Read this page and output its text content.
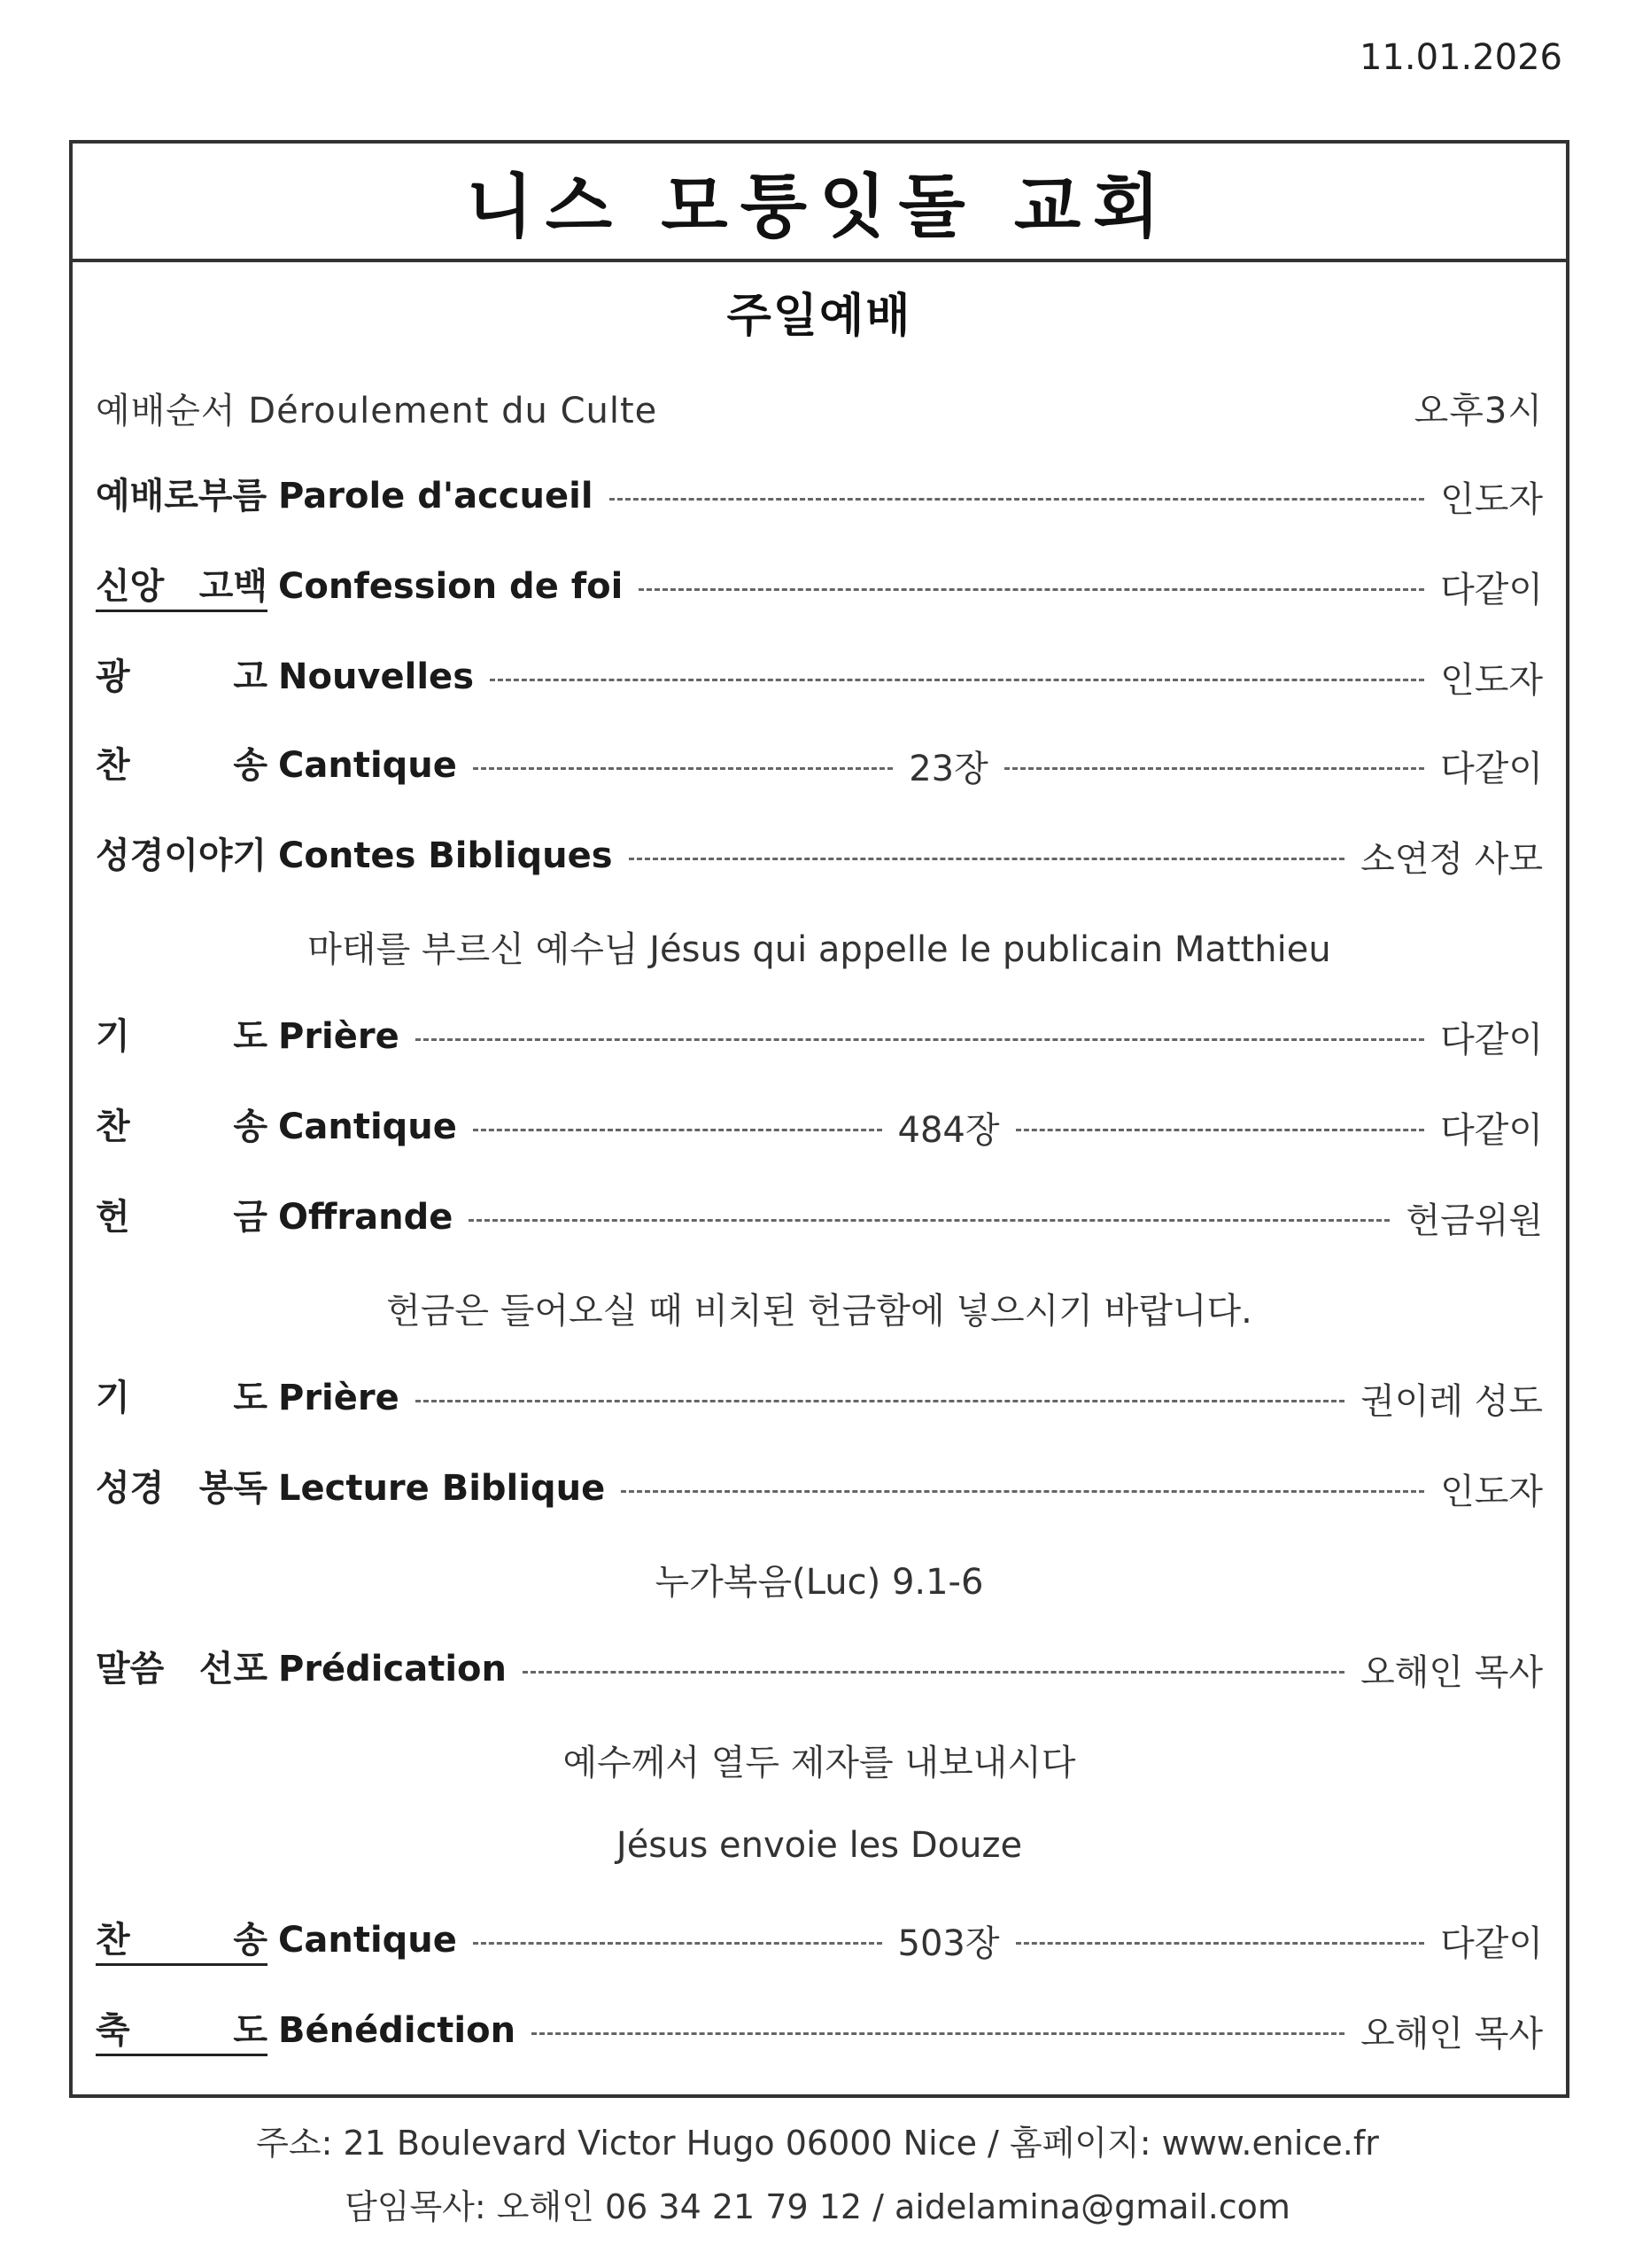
11.01.2026
니스 모퉁잇돌 교회
주일예배
예배순서 Déroulement du Culte	오후3시
예배로부름 Parole d'accueil	인도자
신앙 고백 Confession de foi	다같이
광	고 Nouvelles	인도자
찬	송 Cantique	23장	다같이
성경이야기 Contes Bibliques	소연정 사모
마태를 부르신 예수님 Jésus qui appelle le publicain Matthieu
기	도 Prière	다같이
찬	송 Cantique	484장	다같이
헌	금 Offrande	헌금위원
헌금은 들어오실 때 비치된 헌금함에 넣으시기 바랍니다.
기	도 Prière	권이레 성도
성경 봉독 Lecture Biblique	인도자
누가복음(Luc) 9.1-6
말씀 선포 Prédication	오해인 목사
예수께서 열두 제자를 내보내시다
Jésus envoie les Douze
찬	송 Cantique	503장	다같이
축	도 Bénédiction	오해인 목사
주소: 21 Boulevard Victor Hugo 06000 Nice / 홈페이지: www.enice.fr
담임목사: 오해인 06 34 21 79 12 / aidelamina@gmail.com
